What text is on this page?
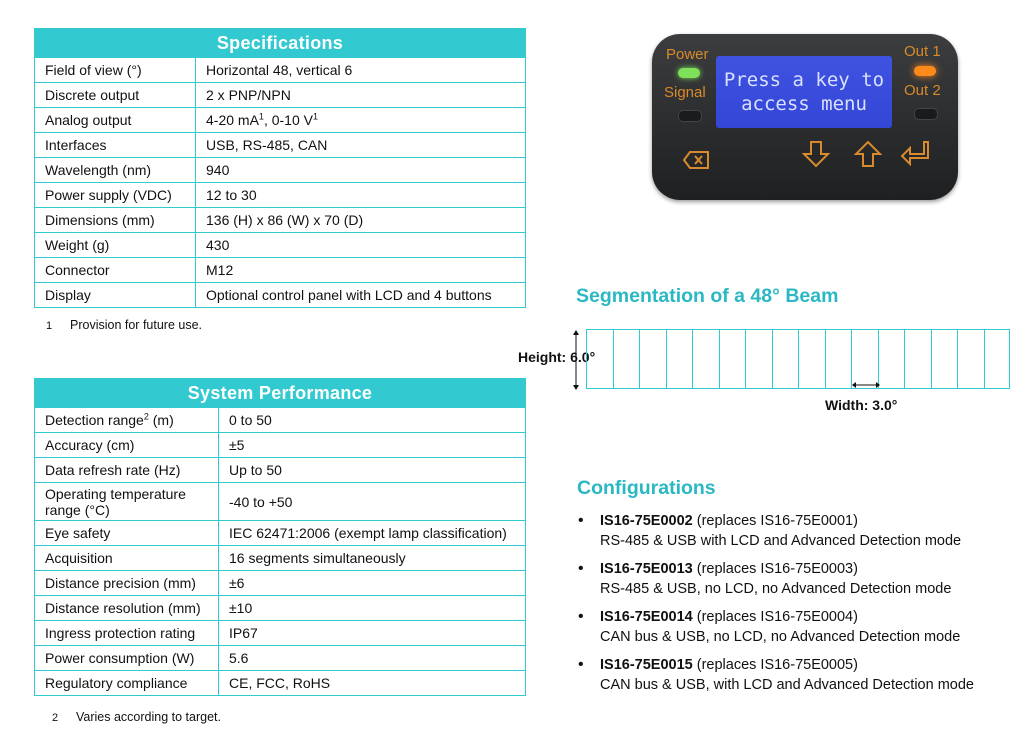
Specifications	
Field of view (°)	Horizontal 48, vertical 6
Discrete output	2 x PNP/NPN
Analog output	4-20 $mA^1$, 0-10 $V^1$
Interfaces	USB, RS-485, CAN
Wavelength (nm)	940
Power supply (VDC)	12 to 30
Dimensions (mm)	136 (H) x 86 (W) x 70 (D)
Weight (g)	430
Connector	M12
Display	Optional control panel with LCD and 4 buttons
1 Provision for future use.
System Performance	
Detection range$^2$ (m)	0 to 50
Accuracy (cm)	±5
Data refresh rate (Hz)	Up to 50
Operating temperature range (°C)	-40 to +50
Eye safety	IEC 62471:2006 (exempt lamp classification)
Acquisition	16 segments simultaneously
Distance precision (mm)	±6
Distance resolution (mm)	±10
Ingress protection rating	IP67
Power consumption (W)	5.6
Regulatory compliance	CE, FCC, RoHS
2 Varies according to target.
Power
Signal
Press a key to
access menu
Out 1
Out 2
Segmentation of a 48° Beam
Height: 6.0°
Width: 3.0°
Configurations
• IS16-75E0002 (replaces IS16-75E0001)
RS-485 & USB with LCD and Advanced Detection mode
• IS16-75E0013 (replaces IS16-75E0003)
RS-485 & USB, no LCD, no Advanced Detection mode
• IS16-75E0014 (replaces IS16-75E0004)
CAN bus & USB, no LCD, no Advanced Detection mode
• IS16-75E0015 (replaces IS16-75E0005)
CAN bus & USB, with LCD and Advanced Detection mode
